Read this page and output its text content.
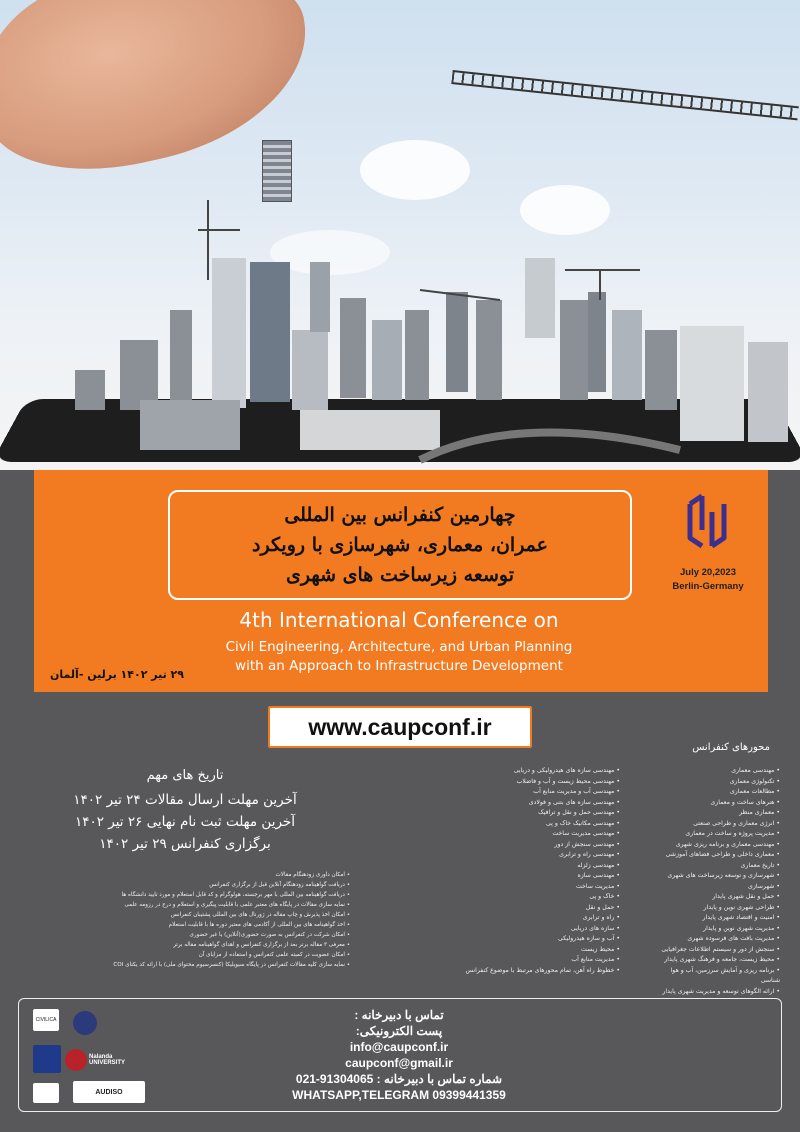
چهارمین کنفرانس بین المللی
عمران، معماری، شهرسازی با رویکرد
توسعه زیرساخت های شهری	July 20,2023
Berlin-Germany
4th International Conference on
Civil Engineering, Architecture, and Urban Planning
with an Approach to Infrastructure Development
۲۹ تیر ۱۴۰۲ برلین -آلمان
www.caupconf.ir
محورهای کنفرانس
• مهندسی معماری
• تکنولوژی معماری
• مطالعات معماری
• هنرهای ساخت و معماری
• معماری منظر
• انرژی معماری و طراحی صنعتی
• مدیریت پروژه و ساخت در معماری
• مهندسی معماری و برنامه ریزی شهری
• معماری داخلی و طراحی فضاهای آموزشی
• تاریخ معماری
• شهرسازی و توسعه زیرساخت های شهری
• شهرسازی
• حمل و نقل شهری پایدار
• طراحی شهری نوین و پایدار
• امنیت و اقتصاد شهری پایدار
• مدیریت شهری نوین و پایدار
• مدیریت بافت های فرسوده شهری
• سنجش از دور و سیستم اطلاعات جغرافیایی
• محیط زیست، جامعه و فرهنگ شهری پایدار
• برنامه ریزی و آمایش سرزمین، آب و هوا شناسی
• ارائه الگوهای توسعه و مدیریت شهری پایدار
• مهندسی سازه های هیدرولیکی و دریایی
• مهندسی محیط زیست و آب و فاضلاب
• مهندسی آب و مدیریت منابع آب
• مهندسی سازه های بتنی و فولادی
• مهندسی حمل و نقل و ترافیک
• مهندسی مکانیک خاک و پی
• مهندسی مدیریت ساخت
• مهندسی سنجش از دور
• مهندسی راه و ترابری
• مهندسی زلزله
• مهندسی سازه
• مدیریت ساخت
• خاک و پی
• حمل و نقل
• راه و ترابری
• سازه های دریایی
• آب و سازه هیدرولیکی
• محیط زیست
• مدیریت منابع آب
• خطوط راه آهن، تمام محورهای مرتبط با موضوع کنفرانس
تاریخ های مهم
آخرین مهلت ارسال مقالات ۲۴ تیر ۱۴۰۲
آخرین مهلت ثبت نام نهایی ۲۶ تیر ۱۴۰۲
برگزاری کنفرانس ۲۹ تیر ۱۴۰۲
• امکان داوری زودهنگام مقالات
• دریافت گواهینامه زودهنگام آنلاین قبل از برگزاری کنفرانس
• دریافت گواهینامه بین المللی با مهر برجسته، هولوگرام و کد قابل استعلام و مورد تایید دانشگاه ها
• نمایه سازی مقالات در پایگاه های معتبر علمی با قابلیت پیگیری و استعلام و درج در رزومه علمی
• امکان اخذ پذیرش و چاپ مقاله در ژورنال های بین المللی پشتیبان کنفرانس
• اخذ گواهینامه های بین المللی از آکادمی های معتبر دوره ها با قابلیت استعلام
• امکان شرکت در کنفرانس به صورت حضوری(آنلاین) یا غیر حضوری
• معرفی ۳ مقاله برتر بعد از برگزاری کنفرانس و اهدای گواهینامه مقاله برتر
• امکان عضویت در کمیته علمی کنفرانس و استفاده از مزایای آن
• نمایه سازی کلیه مقالات کنفرانس در پایگاه سیویلیکا (کنسرسیوم محتوای ملی) با ارائه کد یکتای COI
CIVILICA
Nalanda UNIVERSITY
AUDISO
تماس با دبیرخانه :
پست الکترونیکی:
info@caupconf.ir
caupconf@gmail.ir
021-91304065 : شماره تماس با دبیرخانه
WHATSAPP,TELEGRAM 09399441359
